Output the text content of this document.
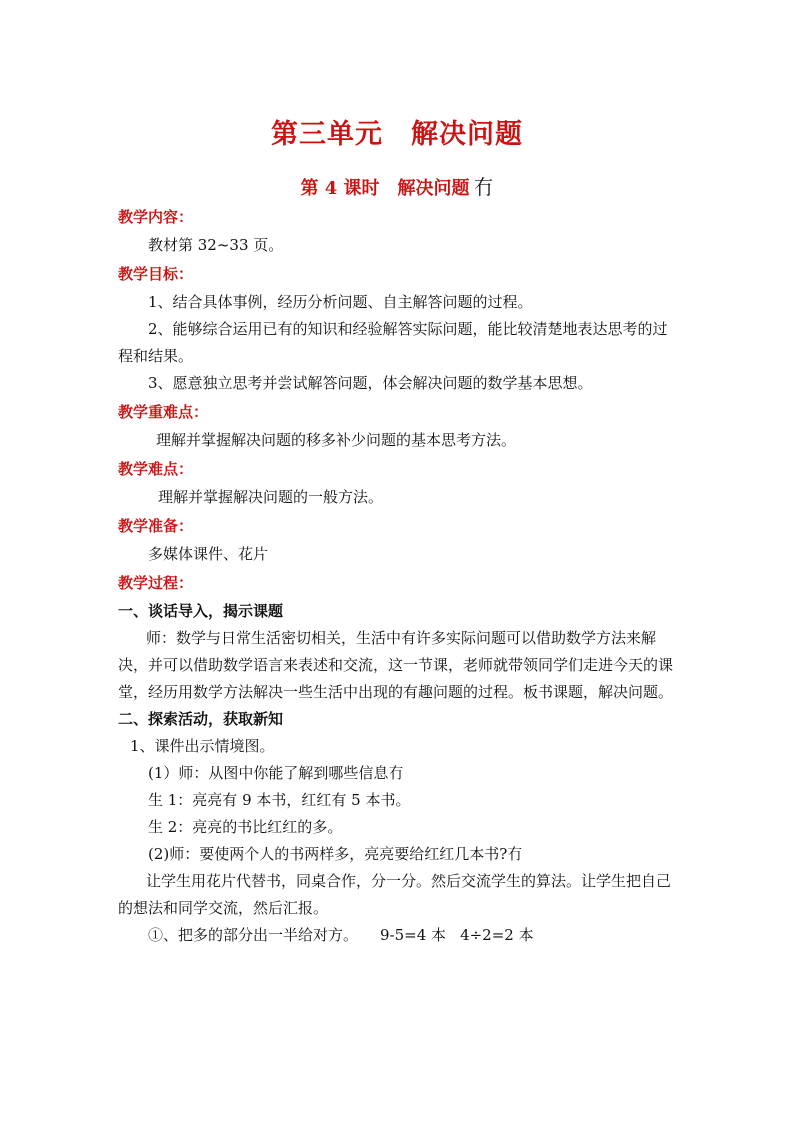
第三单元　解决问题
第 4 课时　解决问题 冇

教学内容：

教材第 32~33 页。

教学目标：

1、结合具体事例，经历分析问题、自主解答问题的过程。

2、能够综合运用已有的知识和经验解答实际问题，能比较清楚地表达思考的过程和结果。

3、愿意独立思考并尝试解答问题，体会解决问题的数学基本思想。

教学重难点：

理解并掌握解决问题的移多补少问题的基本思考方法。

教学难点：

理解并掌握解决问题的一般方法。

教学准备：

多媒体课件、花片

教学过程：

一、谈话导入，揭示课题

师：数学与日常生活密切相关，生活中有许多实际问题可以借助数学方法来解决，并可以借助数学语言来表述和交流，这一节课，老师就带领同学们走进今天的课堂，经历用数学方法解决一些生活中出现的有趣问题的过程。板书课题，解决问题。

二、探索活动，获取新知

1、课件出示情境图。

(1）师：从图中你能了解到哪些信息冇

生 1：亮亮有 9 本书，红红有 5 本书。

生 2：亮亮的书比红红的多。

(2)师：要使两个人的书两样多，亮亮要给红红几本书?冇

让学生用花片代替书，同桌合作，分一分。然后交流学生的算法。让学生把自己的想法和同学交流，然后汇报。

①、把多的部分出一半给对方。 9-5=4 本 4÷2=2 本
